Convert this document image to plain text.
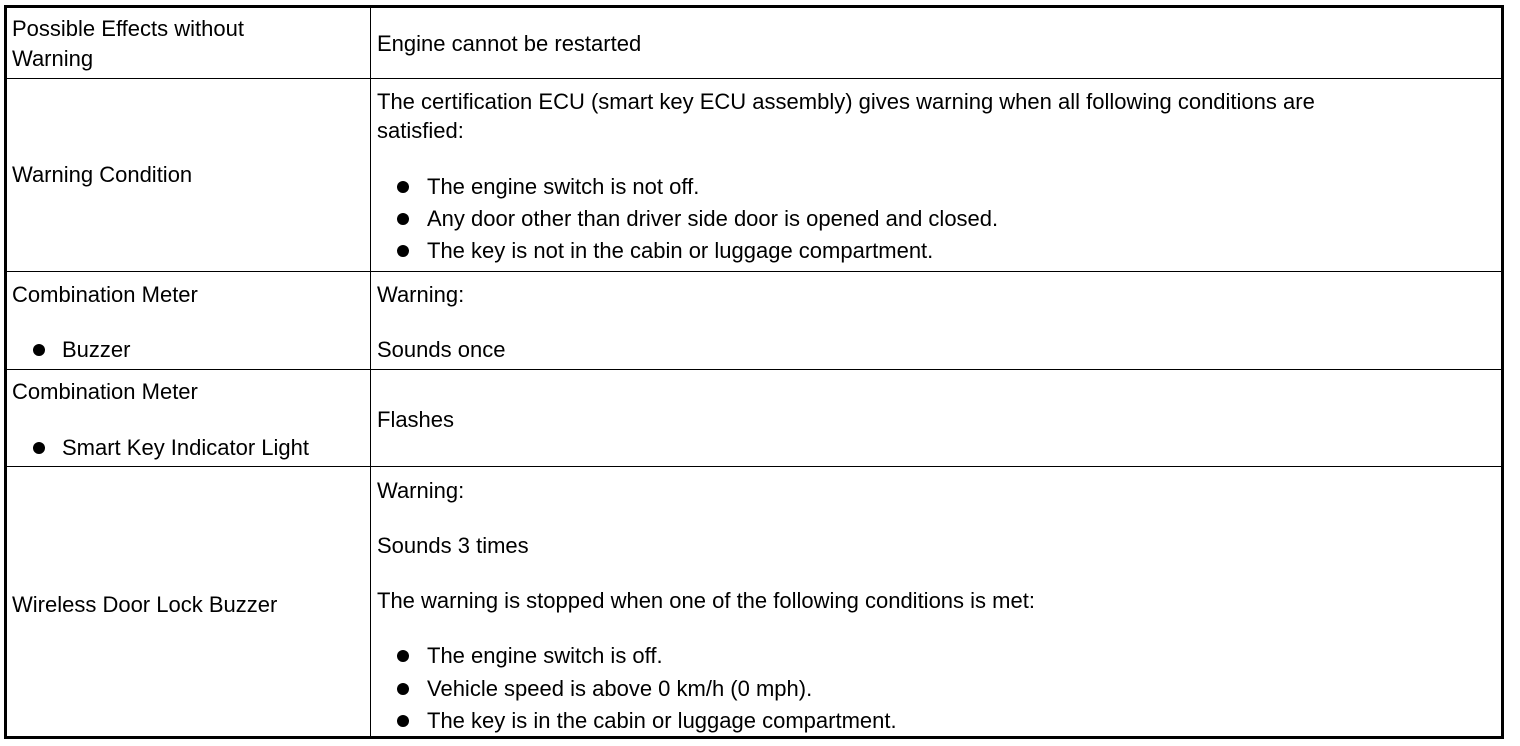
Possible Effects without
Warning
Engine cannot be restarted
Warning Condition
The certification ECU (smart key ECU assembly) gives warning when all following conditions are
satisfied:
The engine switch is not off.
Any door other than driver side door is opened and closed.
The key is not in the cabin or luggage compartment.
Combination Meter
Buzzer
Warning:
Sounds once
Combination Meter
Smart Key Indicator Light
Flashes
Wireless Door Lock Buzzer
Warning:
Sounds 3 times
The warning is stopped when one of the following conditions is met:
The engine switch is off.
Vehicle speed is above 0 km/h (0 mph).
The key is in the cabin or luggage compartment.
